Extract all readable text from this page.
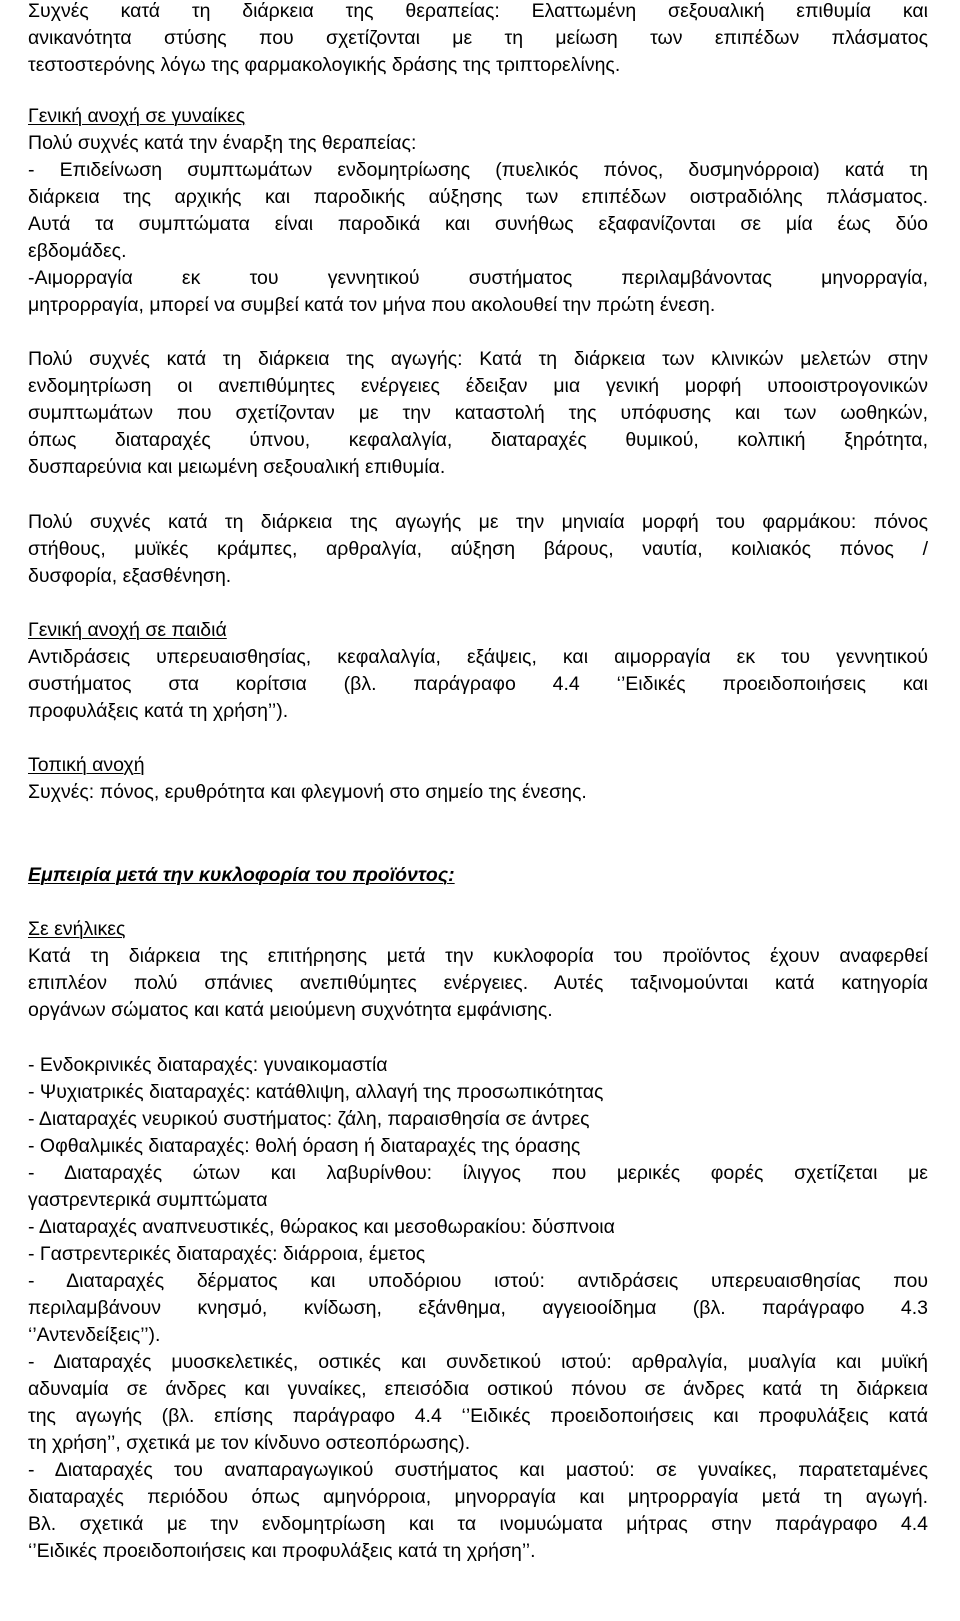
Συχνές κατά τη διάρκεια της θεραπείας: Ελαττωμένη σεξουαλική επιθυμία και
ανικανότητα στύσης που σχετίζονται με τη μείωση των επιπέδων πλάσματος
τεστοστερόνης λόγω της φαρμακολογικής δράσης της τριπτορελίνης.
Γενική ανοχή σε γυναίκες
Πολύ συχνές κατά την έναρξη της θεραπείας:
- Επιδείνωση συμπτωμάτων ενδομητρίωσης (πυελικός πόνος, δυσμηνόρροια) κατά τη
διάρκεια της αρχικής και παροδικής αύξησης των επιπέδων οιστραδιόλης πλάσματος.
Αυτά τα συμπτώματα είναι παροδικά και συνήθως εξαφανίζονται σε μία έως δύο
εβδομάδες.
-Αιμορραγία εκ του γεννητικού συστήματος περιλαμβάνοντας μηνορραγία,
μητρορραγία, μπορεί να συμβεί κατά τον μήνα που ακολουθεί την πρώτη ένεση.
Πολύ συχνές κατά τη διάρκεια της αγωγής: Κατά τη διάρκεια των κλινικών μελετών στην
ενδομητρίωση οι ανεπιθύμητες ενέργειες έδειξαν μια γενική μορφή υποοιστρογονικών
συμπτωμάτων που σχετίζονταν με την καταστολή της υπόφυσης και των ωοθηκών,
όπως διαταραχές ύπνου, κεφαλαλγία, διαταραχές θυμικού, κολπική ξηρότητα,
δυσπαρεύνια και μειωμένη σεξουαλική επιθυμία.
Πολύ συχνές κατά τη διάρκεια της αγωγής με την μηνιαία μορφή του φαρμάκου: πόνος
στήθους, μυϊκές κράμπες, αρθραλγία, αύξηση βάρους, ναυτία, κοιλιακός πόνος /
δυσφορία, εξασθένηση.
Γενική ανοχή σε παιδιά
Αντιδράσεις υπερευαισθησίας, κεφαλαλγία, εξάψεις, και αιμορραγία εκ του γεννητικού
συστήματος στα κορίτσια (βλ. παράγραφο 4.4 ‘’Ειδικές προειδοποιήσεις και
προφυλάξεις κατά τη χρήση’’).
Τοπική ανοχή
Συχνές: πόνος, ερυθρότητα και φλεγμονή στο σημείο της ένεσης.
Εμπειρία μετά την κυκλοφορία του προϊόντος:
Σε ενήλικες
Κατά τη διάρκεια της επιτήρησης μετά την κυκλοφορία του προϊόντος έχουν αναφερθεί
επιπλέον πολύ σπάνιες ανεπιθύμητες ενέργειες. Αυτές ταξινομούνται κατά κατηγορία
οργάνων σώματος και κατά μειούμενη συχνότητα εμφάνισης.
- Ενδοκρινικές διαταραχές: γυναικομαστία
- Ψυχιατρικές διαταραχές: κατάθλιψη, αλλαγή της προσωπικότητας
- Διαταραχές νευρικού συστήματος: ζάλη, παραισθησία σε άντρες
- Οφθαλμικές διαταραχές: θολή όραση ή διαταραχές της όρασης
- Διαταραχές ώτων και λαβυρίνθου: ίλιγγος που μερικές φορές σχετίζεται με
γαστρεντερικά συμπτώματα
- Διαταραχές αναπνευστικές, θώρακος και μεσοθωρακίου: δύσπνοια
- Γαστρεντερικές διαταραχές: διάρροια, έμετος
- Διαταραχές δέρματος και υποδόριου ιστού: αντιδράσεις υπερευαισθησίας που
περιλαμβάνουν κνησμό, κνίδωση, εξάνθημα, αγγειοοίδημα (βλ. παράγραφο 4.3
‘’Αντενδείξεις’’).
- Διαταραχές μυοσκελετικές, οστικές και συνδετικού ιστού: αρθραλγία, μυαλγία και μυϊκή
αδυναμία σε άνδρες και γυναίκες, επεισόδια οστικού πόνου σε άνδρες κατά τη διάρκεια
της αγωγής (βλ. επίσης παράγραφο 4.4 ‘’Ειδικές προειδοποιήσεις και προφυλάξεις κατά
τη χρήση’’, σχετικά με τον κίνδυνο οστεοπόρωσης).
- Διαταραχές του αναπαραγωγικού συστήματος και μαστού: σε γυναίκες, παρατεταμένες
διαταραχές περιόδου όπως αμηνόρροια, μηνορραγία και μητρορραγία μετά τη αγωγή.
Βλ. σχετικά με την ενδομητρίωση και τα ινομυώματα μήτρας στην παράγραφο 4.4
‘’Ειδικές προειδοποιήσεις και προφυλάξεις κατά τη χρήση’’.
